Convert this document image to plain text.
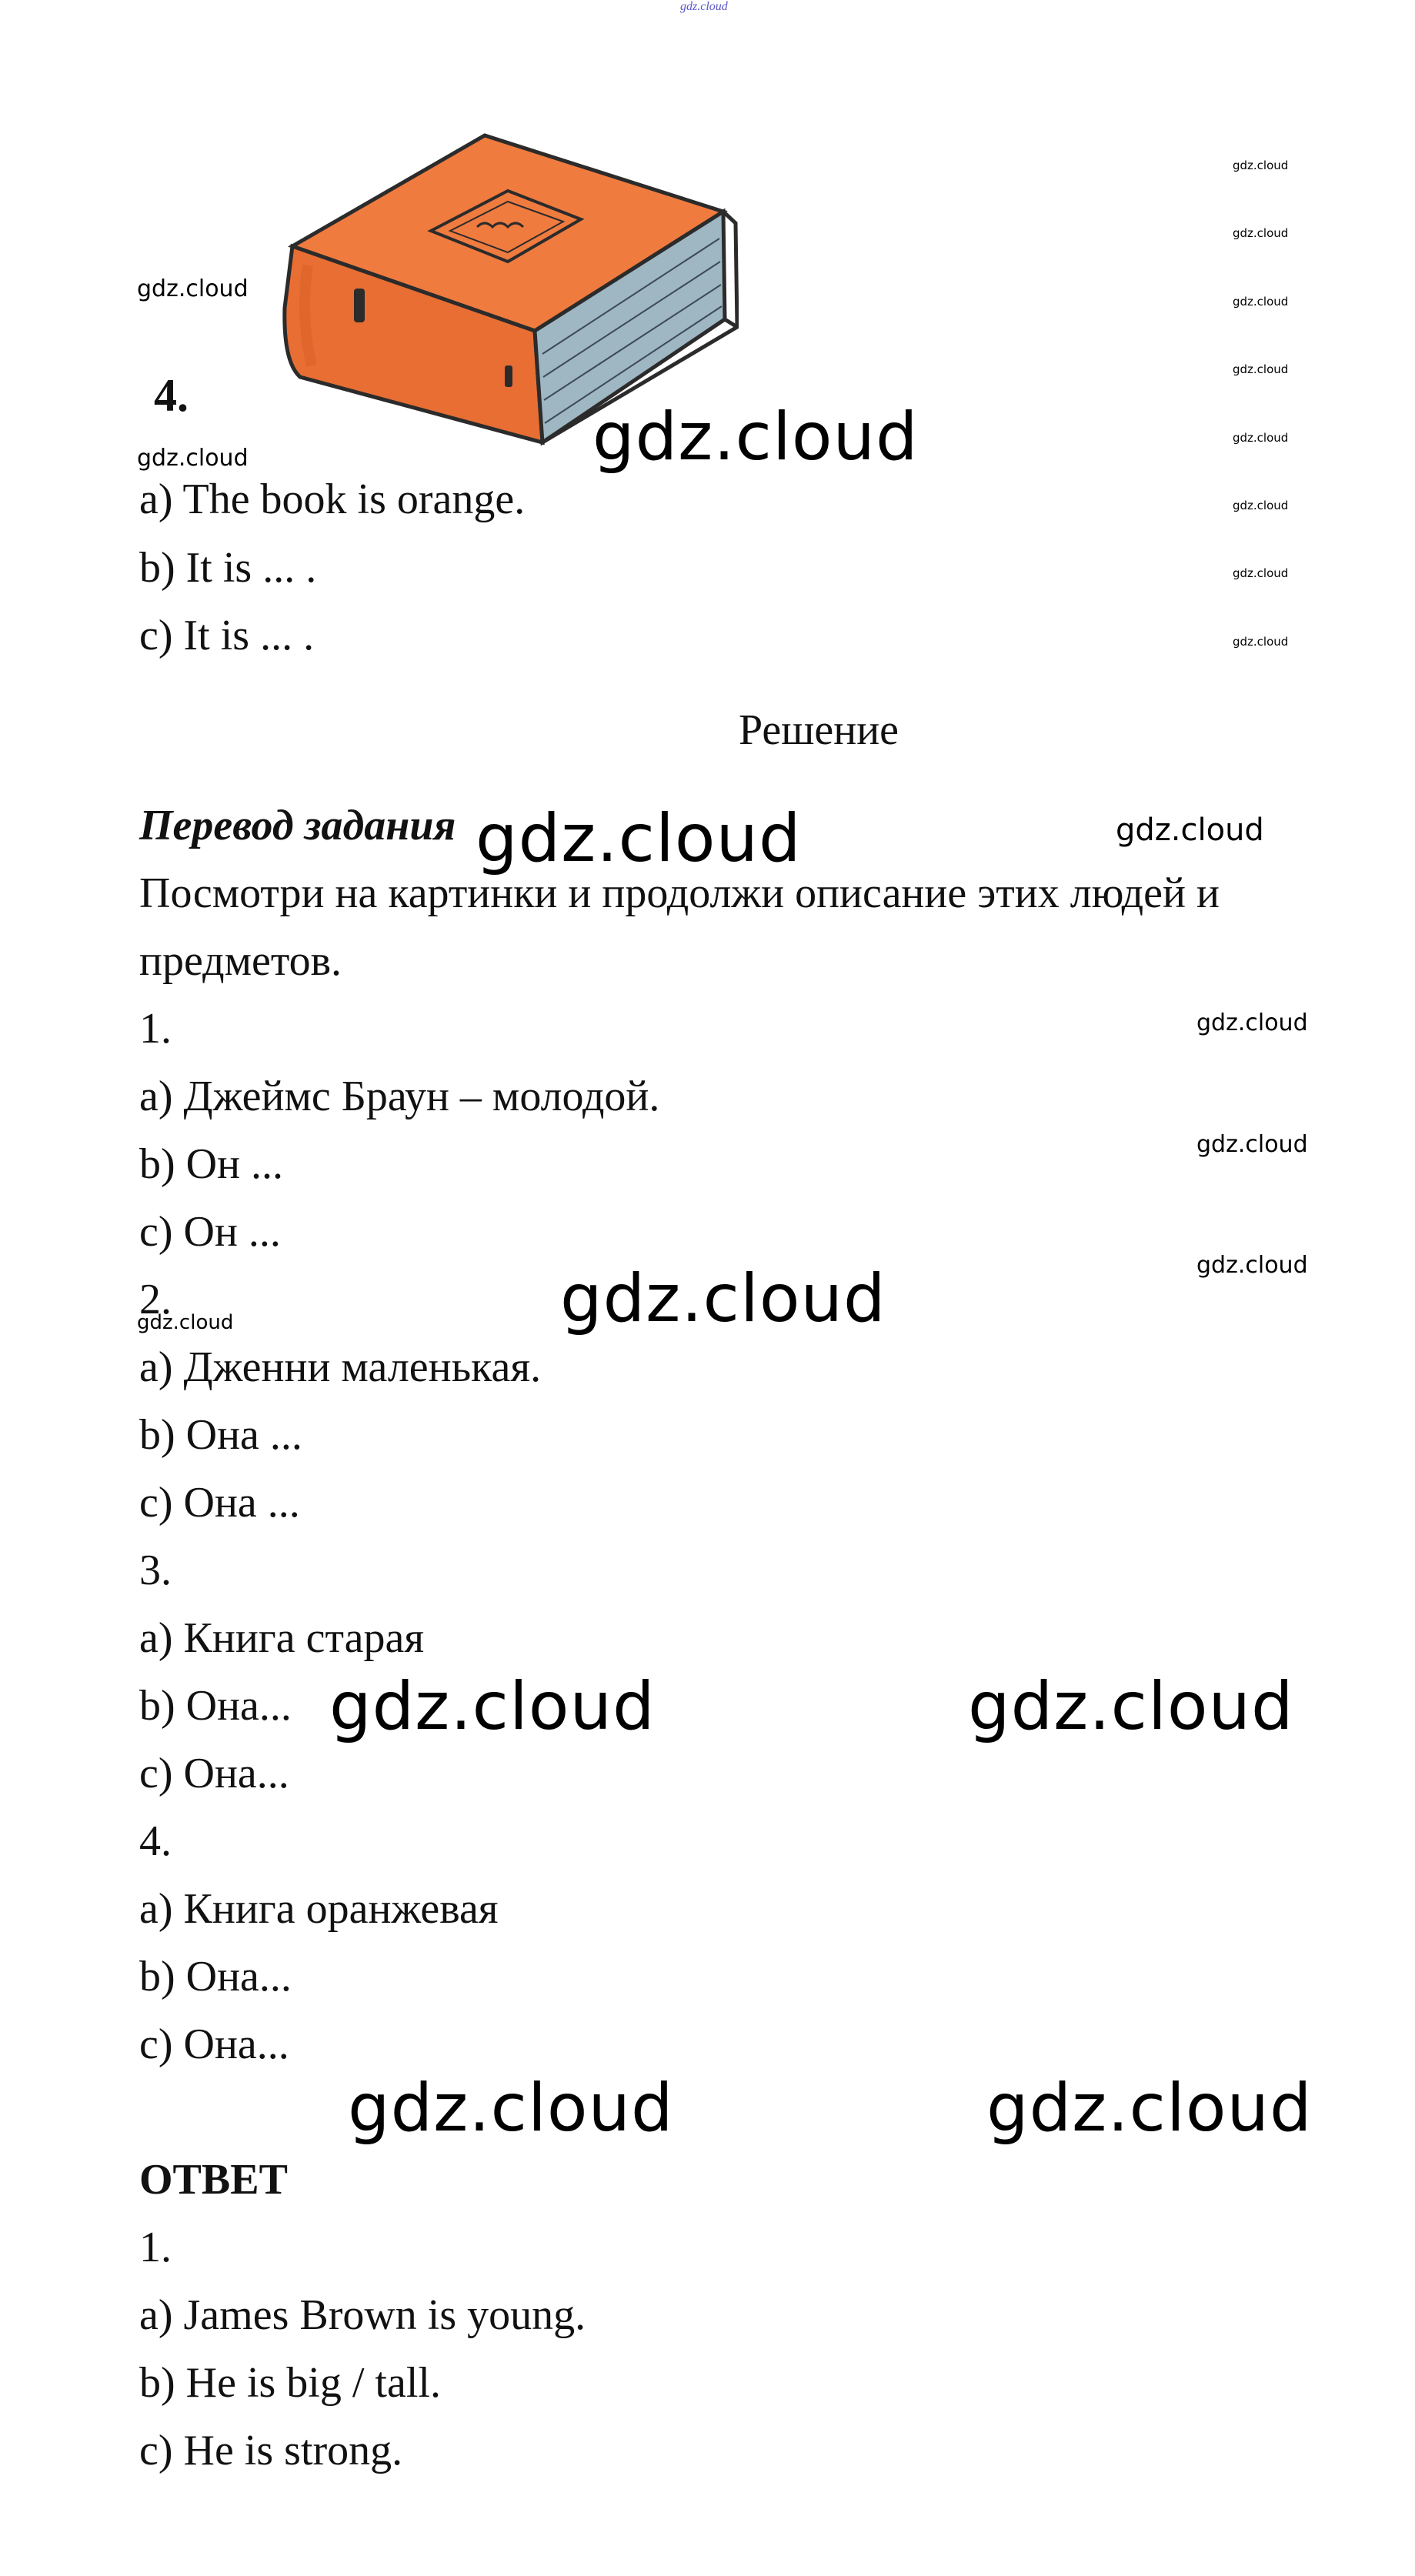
gdz.cloud
4.
a) The book is orange.
b) It is ... .
c) It is ... .
Решение
Перевод задания
Посмотри на картинки и продолжи описание этих людей и
предметов.
1.
a) Джеймс Браун – молодой.
b) Он ...
c) Он ...
2.
a) Дженни маленькая.
b) Она ...
c) Она ...
3.
a) Книга старая
b) Она...
c) Она...
4.
a) Книга оранжевая
b) Она...
c) Она...
ОТВЕТ
1.
a) James Brown is young.
b) He is big / tall.
c) He is strong.
gdz.cloud
gdz.cloud	gdz.cloud
gdz.cloud	gdz.cloud
gdz.cloud
gdz.cloud
gdz.cloud
gdz.cloud
gdz.cloud
gdz.cloud	gdz.cloud
gdz.cloud	gdz.cloud
gdz.cloud
gdz.cloud
gdz.cloud
gdz.cloud
gdz.cloud
gdz.cloud
gdz.cloud
gdz.cloud
